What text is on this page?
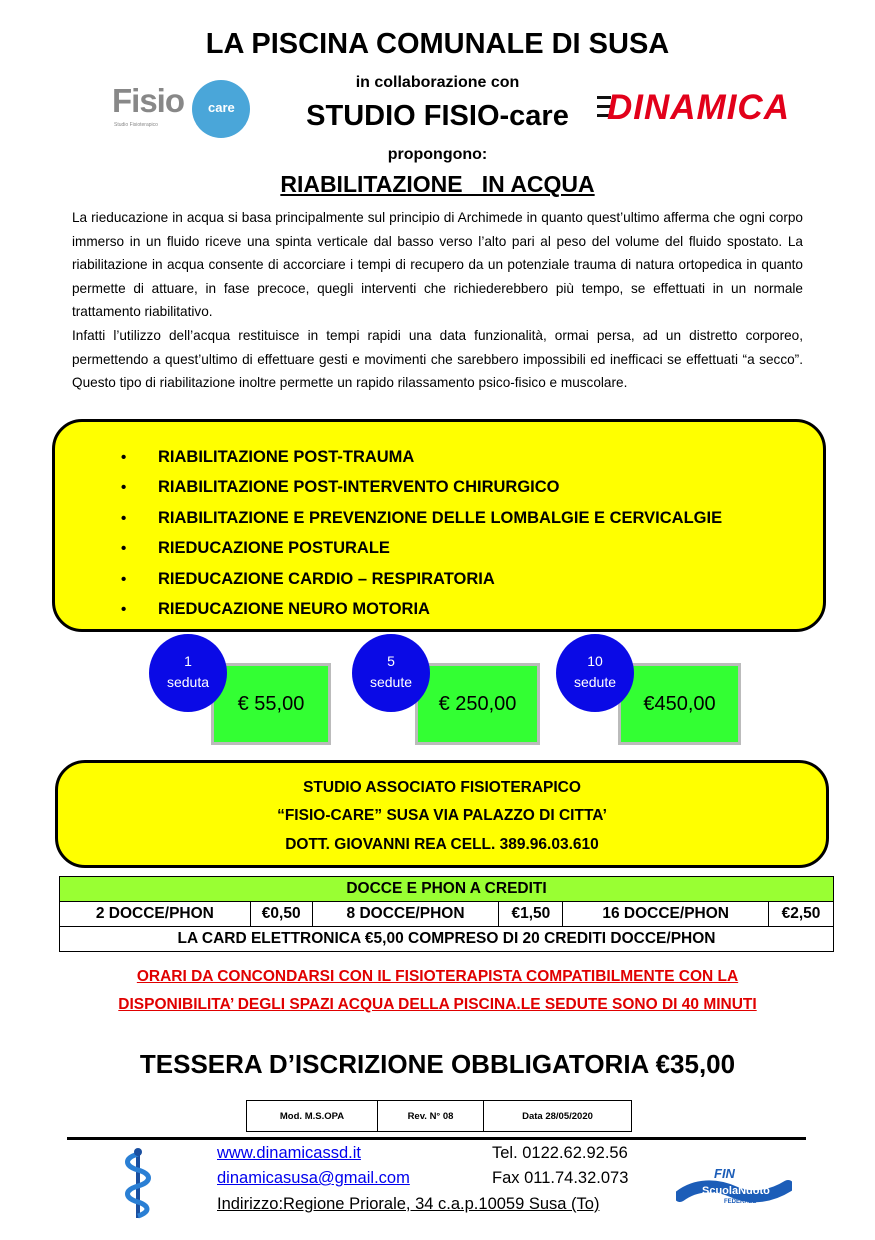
LA PISCINA COMUNALE DI SUSA
in collaborazione con
STUDIO FISIO-care
propongono:
RIABILITAZIONE   IN ACQUA
Fisio
Studio Fisioterapico
care	DINAMICA

La rieducazione in acqua si basa principalmente sul principio di Archimede in quanto quest’ultimo afferma che ogni corpo immerso in un fluido riceve una spinta verticale dal basso verso l’alto pari al peso del volume del fluido spostato. La riabilitazione in acqua consente di accorciare i tempi di recupero da un potenziale trauma di natura ortopedica in quanto permette di attuare, in fase precoce, quegli interventi che richiederebbero più tempo, se effettuati in un normale trattamento riabilitativo.

Infatti l’utilizzo dell’acqua restituisce in tempi rapidi una data funzionalità, ormai persa, ad un distretto corporeo, permettendo a quest’ultimo di effettuare gesti e movimenti che sarebbero impossibili ed inefficaci se effettuati “a secco”. Questo tipo di riabilitazione inoltre permette un rapido rilassamento psico-fisico e muscolare.

• RIABILITAZIONE POST-TRAUMA
• RIABILITAZIONE POST-INTERVENTO CHIRURGICO
• RIABILITAZIONE E PREVENZIONE DELLE LOMBALGIE E CERVICALGIE
• RIEDUCAZIONE POSTURALE
• RIEDUCAZIONE CARDIO – RESPIRATORIA
• RIEDUCAZIONE NEURO MOTORIA
€ 55,00
1
seduta
€ 250,00
5
sedute
€450,00
10
sedute
STUDIO ASSOCIATO FISIOTERAPICO
“FISIO-CARE” SUSA VIA PALAZZO DI CITTA’
DOTT. GIOVANNI REA CELL. 389.96.03.610
DOCCE E PHON A CREDITI
2 DOCCE/PHON	€0,50	8 DOCCE/PHON	€1,50	16 DOCCE/PHON	€2,50
LA CARD ELETTRONICA €5,00 COMPRESO DI 20 CREDITI DOCCE/PHON
ORARI DA CONCONDARSI CON IL FISIOTERAPISTA COMPATIBILMENTE CON LA
DISPONIBILITA’ DEGLI SPAZI ACQUA DELLA PISCINA.LE SEDUTE SONO DI 40 MINUTI
TESSERA D’ISCRIZIONE OBBLIGATORIA €35,00
Mod. M.S.OPA	Rev. N° 08	Data 28/05/2020
www.dinamicassd.it
dinamicasusa@gmail.com
Tel. 0122.62.92.56
Fax 011.74.32.073
Indirizzo:Regione Priorale, 34 c.a.p.10059 Susa (To)
FIN
ScuolaNuoto
FEDERALE
